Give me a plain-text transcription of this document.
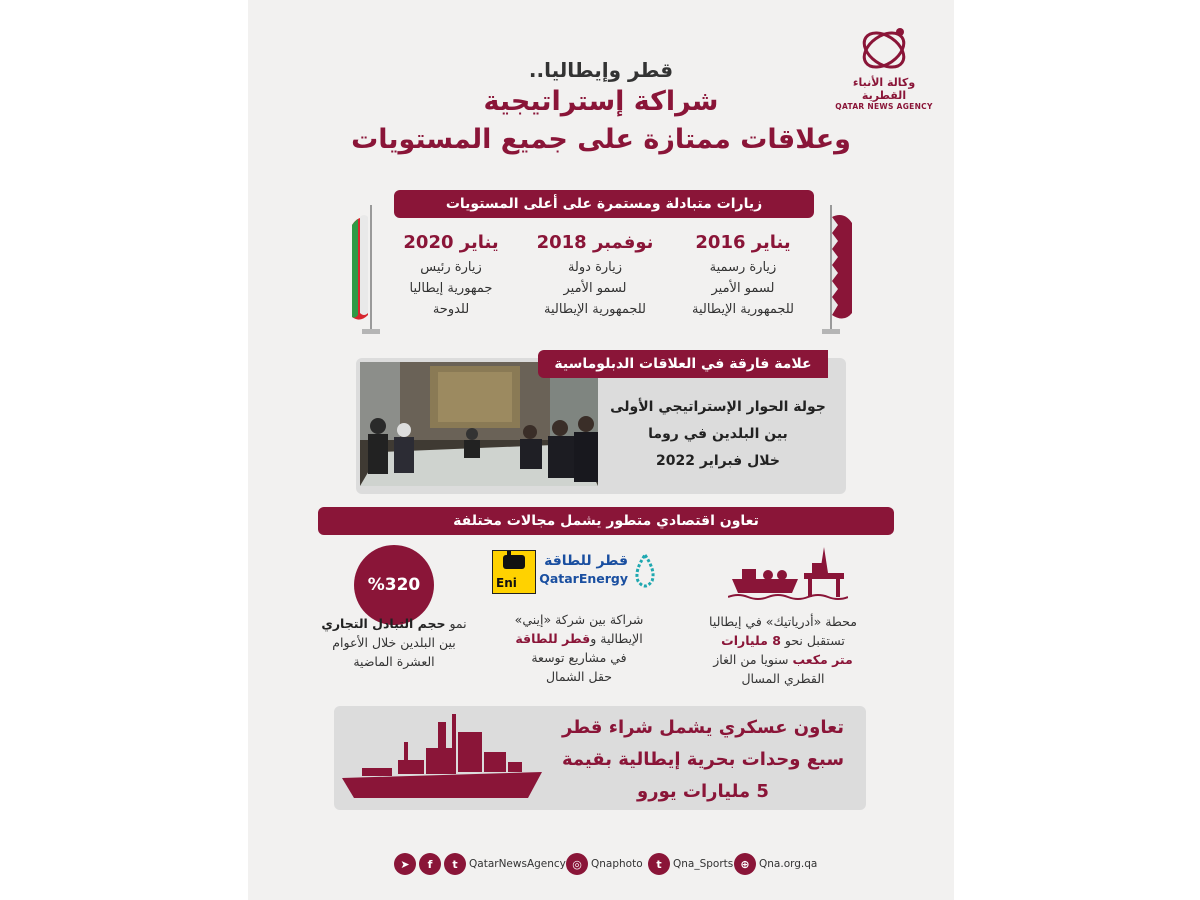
وكالة الأنباء القطرية
QATAR NEWS AGENCY
قطر وإيطاليا..
شراكة إستراتيجية
وعلاقات ممتازة على جميع المستويات
زيارات متبادلة ومستمرة على أعلى المستويات
يناير 2016
زيارة رسمية
لسمو الأمير
للجمهورية الإيطالية
نوفمبر 2018
زيارة دولة
لسمو الأمير
للجمهورية الإيطالية
يناير 2020
زيارة رئيس
جمهورية إيطاليا
للدوحة
علامة فارقة في العلاقات الدبلوماسية
جولة الحوار الإستراتيجي الأولى
بين البلدين في روما
خلال فبراير 2022
تعاون اقتصادي متطور يشمل مجالات مختلفة
Eni
قطر للطاقة
QatarEnergy
%320
محطة «أدرياتيك» في إيطاليا
تستقبل نحو 8 مليارات
متر مكعب سنويا من الغاز
القطري المسال
شراكة بين شركة «إيني»
الإيطالية وقطر للطاقة
في مشاريع توسعة
حقل الشمال
نمو حجم التبادل التجاري
بين البلدين خلال الأعوام
العشرة الماضية
تعاون عسكري يشمل شراء قطر
سبع وحدات بحرية إيطالية بقيمة
5 مليارات يورو
➤	f	t	QatarNewsAgency ◎ Qnaphoto	t	Qna_Sports ⊕ Qna.org.qa
